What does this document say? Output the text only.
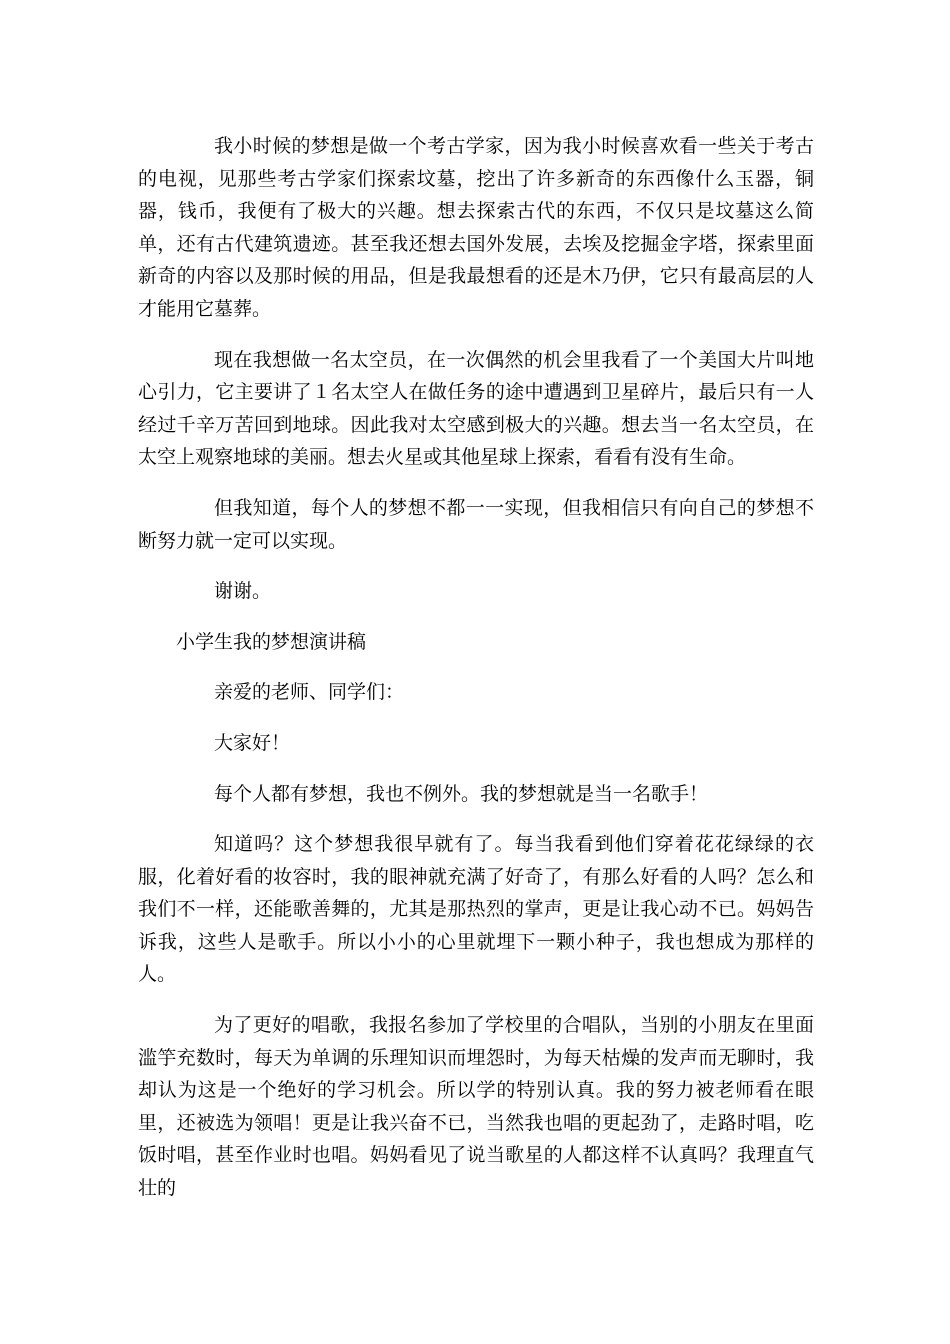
我小时候的梦想是做一个考古学家，因为我小时候喜欢看一些关于考古的电视，见那些考古学家们探索坟墓，挖出了许多新奇的东西像什么玉器，铜器，钱币，我便有了极大的兴趣。想去探索古代的东西，不仅只是坟墓这么简单，还有古代建筑遗迹。甚至我还想去国外发展，去埃及挖掘金字塔，探索里面新奇的内容以及那时候的用品，但是我最想看的还是木乃伊，它只有最高层的人才能用它墓葬。

现在我想做一名太空员，在一次偶然的机会里我看了一个美国大片叫地心引力，它主要讲了１名太空人在做任务的途中遭遇到卫星碎片，最后只有一人经过千辛万苦回到地球。因此我对太空感到极大的兴趣。想去当一名太空员，在太空上观察地球的美丽。想去火星或其他星球上探索，看看有没有生命。

但我知道，每个人的梦想不都一一实现，但我相信只有向自己的梦想不断努力就一定可以实现。

谢谢。

小学生我的梦想演讲稿

亲爱的老师、同学们：

大家好！

每个人都有梦想，我也不例外。我的梦想就是当一名歌手！

知道吗？这个梦想我很早就有了。每当我看到他们穿着花花绿绿的衣服，化着好看的妆容时，我的眼神就充满了好奇了，有那么好看的人吗？怎么和我们不一样，还能歌善舞的，尤其是那热烈的掌声，更是让我心动不已。妈妈告诉我，这些人是歌手。所以小小的心里就埋下一颗小种子，我也想成为那样的人。

为了更好的唱歌，我报名参加了学校里的合唱队，当别的小朋友在里面滥竽充数时，每天为单调的乐理知识而埋怨时，为每天枯燥的发声而无聊时，我却认为这是一个绝好的学习机会。所以学的特别认真。我的努力被老师看在眼里，还被选为领唱！更是让我兴奋不已，当然我也唱的更起劲了，走路时唱，吃饭时唱，甚至作业时也唱。妈妈看见了说当歌星的人都这样不认真吗？我理直气壮的
